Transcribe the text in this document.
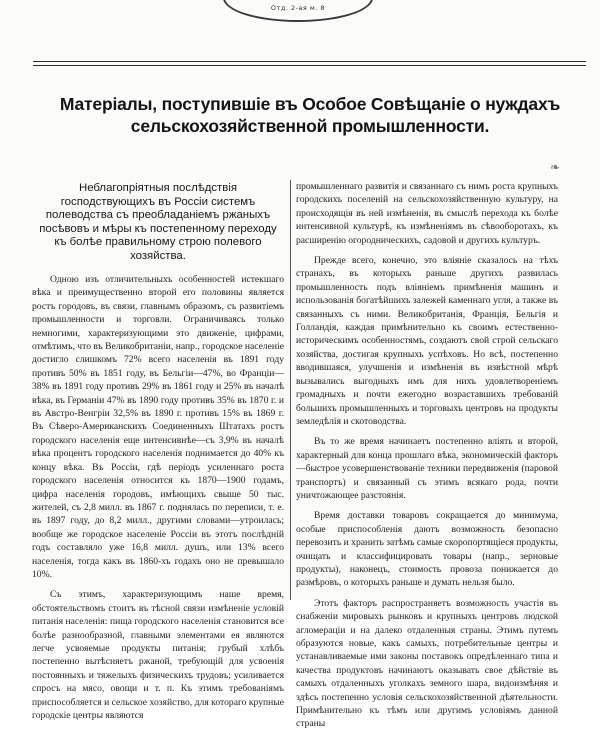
Отд. 2-ая м. 8
Матеріалы, поступившіе въ Особое Совѣщаніе о нуждахъ сельскохозяйственной промышленности.
❧
Неблагопріятныя послѣдствія господствующихъ въ Россіи системъ полеводства съ преобладаніемъ ржаныхъ посѣвовъ и мѣры къ постепенному переходу къ болѣе правильному строю полевого хозяйства.

Одною изъ отличительныхъ особенностей истекшаго вѣка и преимущественно второй его половины является ростъ городовъ, въ связи, главнымъ образомъ, съ развитіемъ промышленности и торговли. Ограничиваясь только немногими, характеризующими это движеніе, цифрами, отмѣтимъ, что въ Великобританіи, напр., городское населеніе достигло слишкомъ 72% всего населенія въ 1891 году противъ 50% въ 1851 году, въ Бельгіи—47%, во Франціи—38% въ 1891 году противъ 29% въ 1861 году и 25% въ началѣ вѣка, въ Германіи 47% въ 1890 году противъ 35% въ 1870 г. и въ Австро-Венгріи 32,5% въ 1890 г. противъ 15% въ 1869 г. Въ Сѣверо-Американскихъ Соединенныхъ Штатахъ ростъ городского населенія еще интенсивнѣе—съ 3,9% въ началѣ вѣка процентъ городского населенія поднимается до 40% къ концу вѣка. Въ Россіи, гдѣ періодъ усиленнаго роста городского населенія относится къ 1870—1900 годамъ, цифра населенія городовъ, имѣющихъ свыше 50 тыс. жителей, съ 2,8 милл. въ 1867 г. поднялась по переписи, т. е. въ 1897 году, до 8,2 милл., другими словами—утроилась; вообще же городское населеніе Россіи въ этотъ послѣдній годъ составляло уже 16,8 милл. душъ, или 13% всего населенія, тогда какъ въ 1860-хъ годахъ оно не превышало 10%.

Съ этимъ, характеризующимъ наше время, обстоятельствомъ стоитъ въ тѣсной связи измѣненіе условій питанія населенія: пища городского населенія становится все болѣе разнообразной, главными элементами ея являются легче усвояемые продукты питанія; грубый хлѣбъ постепенно вытѣсняетъ ржаной, требующій для усвоенія постоянныхъ и тяжелыхъ физическихъ трудовъ; усиливается спросъ на мясо, овощи и т. п. Къ этимъ требованіямъ приспособляется и сельское хозяйство, для котораго крупные городскіе центры являются

промышленнаго развитія и связаннаго съ нимъ роста крупныхъ городскихъ поселеній на сельскохозяйственную культуру, на происходящія въ ней измѣненія, въ смыслѣ перехода къ болѣе интенсивной культурѣ, къ измѣненіямъ въ сѣвооборотахъ, къ расширенію огородническихъ, садовой и другихъ культуръ.

Прежде всего, конечно, это вліяніе сказалось на тѣхъ странахъ, въ которыхъ раньше другихъ развилась промышленность подъ вліяніемъ примѣненія машинъ и использованія богатѣйшихъ залежей каменнаго угля, а также въ связанныхъ съ ними. Великобританія, Франція, Бельгія и Голландія, каждая примѣнительно къ своимъ естественно-историческимъ особенностямъ, создаютъ свой строй сельскаго хозяйства, достигая крупныхъ успѣховъ. Но всѣ, постепенно вводившаяся, улучшенія и измѣненія въ извѣстной мѣрѣ вызывались выгодныхъ имъ для нихъ удовлетвореніемъ громадныхъ и почти ежегодно возраставшихъ требованій большихъ промышленныхъ и торговыхъ центровъ на продукты земледѣлія и скотоводства.

Въ то же время начинаетъ постепенно вліять и второй, характерный для конца прошлаго вѣка, экономическій факторъ—быстрое усовершенствованіе техники передвиженія (паровой транспортъ) и связанный съ этимъ всякаго рода, почти уничтожающее разстоянія.

Время доставки товаровъ сокращается до минимума, особые приспособленія даютъ возможность безопасно перевозить и хранить затѣмъ самые скоропортящіеся продукты, очищать и классифицировать товары (напр., зерновые продукты), наконецъ, стоимость провоза понижается до размѣровъ, о которыхъ раньше и думать нельзя было.

Этотъ факторъ распространяетъ возможность участія въ снабженіи мировыхъ рынковъ и крупныхъ центровъ людской агломераціи и на далеко отдаленныя страны. Этимъ путемъ образуются новые, какъ самыхъ, потребительные центры и устанавливаемые ими законы поставокъ опредѣленнаго типа и качества продуктовъ начинаютъ оказывать свое дѣйствіе въ самыхъ отдаленныхъ уголкахъ земного шара, видоизмѣняя и здѣсь постепенно условія сельскохозяйственной дѣятельности. Примѣнительно къ тѣмъ или другимъ условіямъ данной страны
